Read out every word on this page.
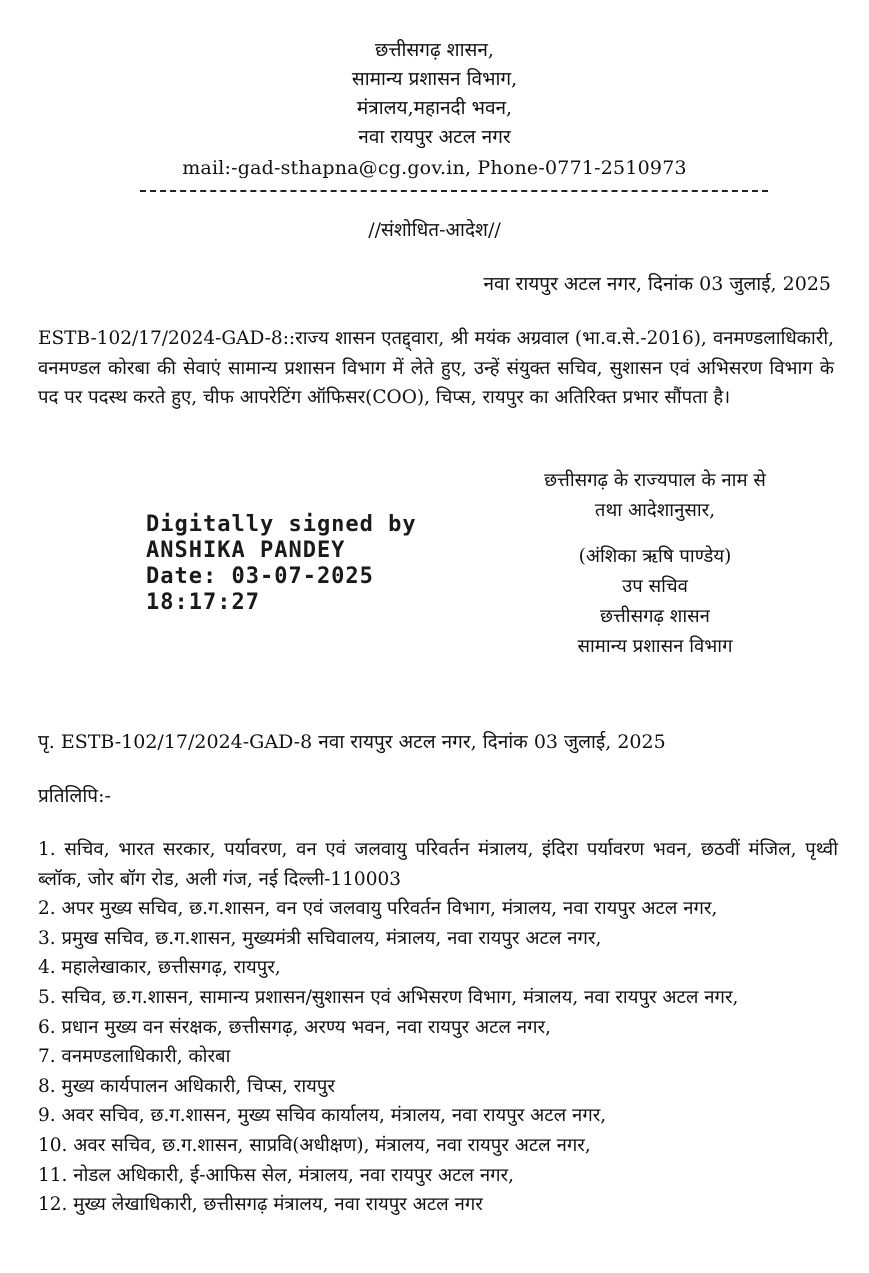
छत्तीसगढ़ शासन,
सामान्य प्रशासन विभाग,
मंत्रालय,महानदी भवन,
नवा रायपुर अटल नगर
mail:-gad-sthapna@cg.gov.in, Phone-0771-2510973
//संशोधित-आदेश//
नवा रायपुर अटल नगर, दिनांक 03 जुलाई, 2025
ESTB-102/17/2024-GAD-8::राज्य शासन एतद्द्वारा, श्री मयंक अग्रवाल (भा.व.से.-2016), वनमण्डलाधिकारी, वनमण्डल कोरबा की सेवाएं सामान्य प्रशासन विभाग में लेते हुए, उन्हें संयुक्त सचिव, सुशासन एवं अभिसरण विभाग के पद पर पदस्थ करते हुए, चीफ आपरेटिंग ऑफिसर(COO), चिप्स, रायपुर का अतिरिक्त प्रभार सौंपता है।
छत्तीसगढ़ के राज्यपाल के नाम से
तथा आदेशानुसार,
(अंशिका ऋषि पाण्डेय)
उप सचिव
छत्तीसगढ़ शासन
सामान्य प्रशासन विभाग
Digitally signed by
ANSHIKA PANDEY
Date: 03-07-2025
18:17:27
पृ. ESTB-102/17/2024-GAD-8 नवा रायपुर अटल नगर, दिनांक 03 जुलाई, 2025
प्रतिलिपि:-
1. सचिव, भारत सरकार, पर्यावरण, वन एवं जलवायु परिवर्तन मंत्रालय, इंदिरा पर्यावरण भवन, छठवीं मंजिल, पृथ्वी ब्लॉक, जोर बॉग रोड, अली गंज, नई दिल्ली-110003
2. अपर मुख्य सचिव, छ.ग.शासन, वन एवं जलवायु परिवर्तन विभाग, मंत्रालय, नवा रायपुर अटल नगर,
3. प्रमुख सचिव, छ.ग.शासन, मुख्यमंत्री सचिवालय, मंत्रालय, नवा रायपुर अटल नगर,
4. महालेखाकार, छत्तीसगढ़, रायपुर,
5. सचिव, छ.ग.शासन, सामान्य प्रशासन/सुशासन एवं अभिसरण विभाग, मंत्रालय, नवा रायपुर अटल नगर,
6. प्रधान मुख्य वन संरक्षक, छत्तीसगढ़, अरण्य भवन, नवा रायपुर अटल नगर,
7. वनमण्डलाधिकारी, कोरबा
8. मुख्य कार्यपालन अधिकारी, चिप्स, रायपुर
9. अवर सचिव, छ.ग.शासन, मुख्य सचिव कार्यालय, मंत्रालय, नवा रायपुर अटल नगर,
10. अवर सचिव, छ.ग.शासन, साप्रवि(अधीक्षण), मंत्रालय, नवा रायपुर अटल नगर,
11. नोडल अधिकारी, ई-आफिस सेल, मंत्रालय, नवा रायपुर अटल नगर,
12. मुख्य लेखाधिकारी, छत्तीसगढ़ मंत्रालय, नवा रायपुर अटल नगर
